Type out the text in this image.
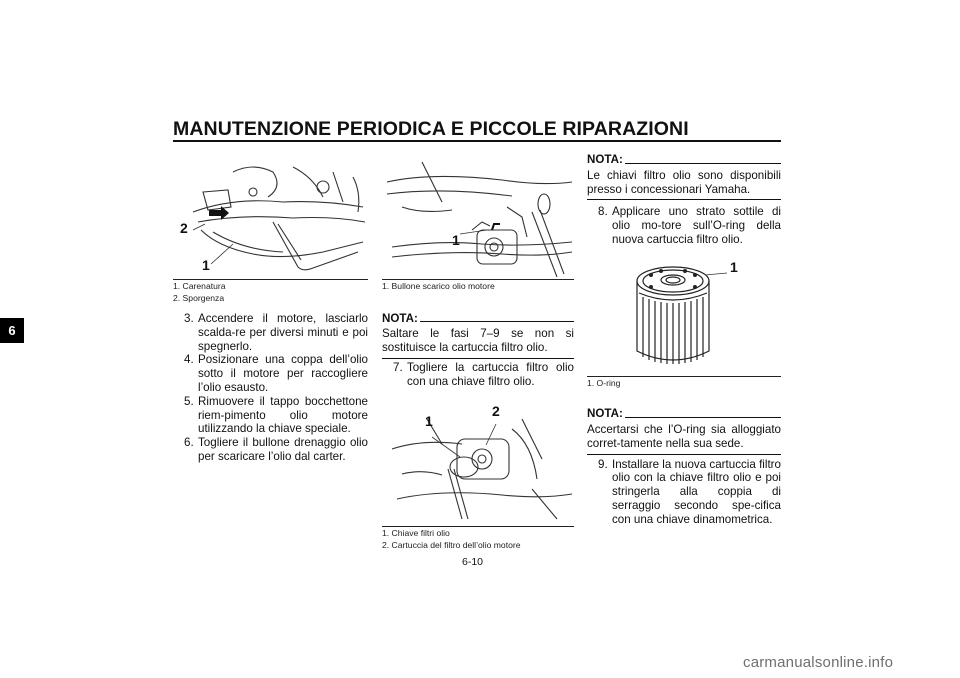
MANUTENZIONE PERIODICA E PICCOLE RIPARAZIONI
6
1
2
1. Carenatura
2. Sporgenza
3. Accendere il motore, lasciarlo scalda-re per diversi minuti e poi spegnerlo.
4. Posizionare una coppa dell’olio sotto il motore per raccogliere l’olio esausto.
5. Rimuovere il tappo bocchettone riem-pimento olio motore utilizzando la chiave speciale.
6. Togliere il bullone drenaggio olio per scaricare l’olio dal carter.
1
1. Bullone scarico olio motore
NOTA:
Saltare le fasi 7–9 se non si sostituisce la cartuccia filtro olio.
7. Togliere la cartuccia filtro olio con una chiave filtro olio.
1
2
1. Chiave filtri olio
2. Cartuccia del filtro dell’olio motore
NOTA:
Le chiavi filtro olio sono disponibili presso i concessionari Yamaha.
8. Applicare uno strato sottile di olio mo-tore sull’O-ring della nuova cartuccia filtro olio.
1
1. O-ring
NOTA:
Accertarsi che l’O-ring sia alloggiato corret-tamente nella sua sede.
9. Installare la nuova cartuccia filtro olio con la chiave filtro olio e poi stringerla alla coppia di serraggio secondo spe-cifica con una chiave dinamometrica.
6-10
carmanualsonline.info
